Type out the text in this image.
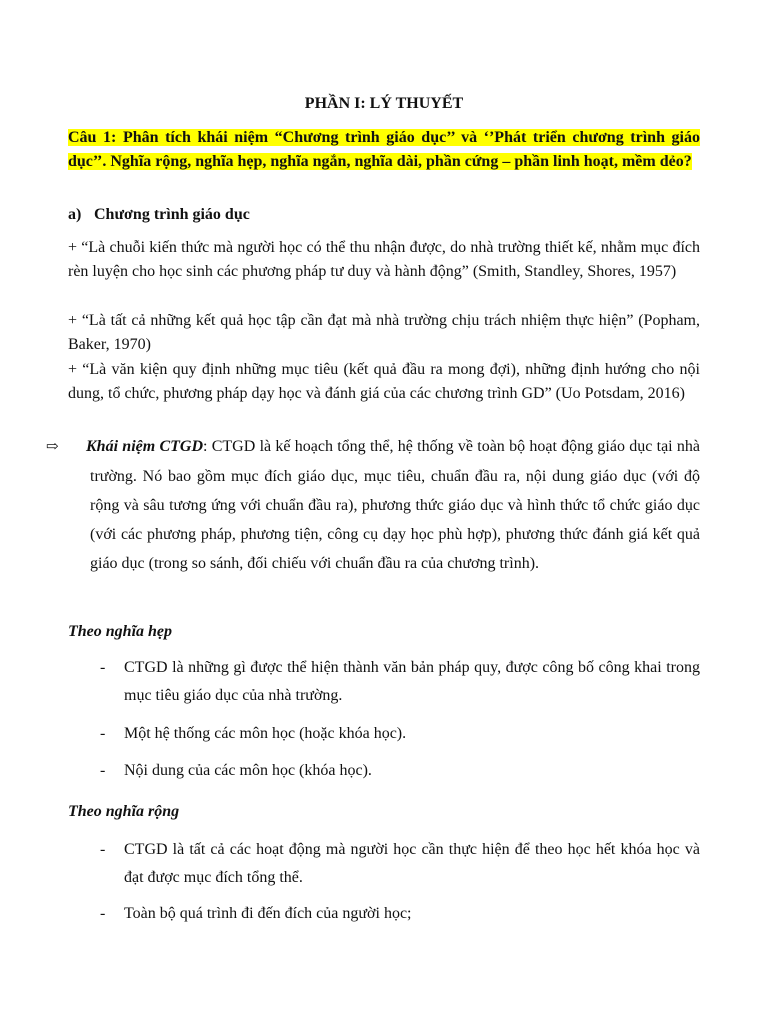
PHẦN I: LÝ THUYẾT
Câu 1: Phân tích khái niệm “Chương trình giáo dục’’ và ‘’Phát triển chương trình giáo dục’’. Nghĩa rộng, nghĩa hẹp, nghĩa ngắn, nghĩa dài, phần cứng – phần linh hoạt, mềm dẻo?
a) Chương trình giáo dục

+ “Là chuỗi kiến thức mà người học có thể thu nhận được, do nhà trường thiết kế, nhằm mục đích rèn luyện cho học sinh các phương pháp tư duy và hành động” (Smith, Standley, Shores, 1957)

+ “Là tất cả những kết quả học tập cần đạt mà nhà trường chịu trách nhiệm thực hiện” (Popham, Baker, 1970)

+ “Là văn kiện quy định những mục tiêu (kết quả đầu ra mong đợi), những định hướng cho nội dung, tổ chức, phương pháp dạy học và đánh giá của các chương trình GD” (Uo Potsdam, 2016)

⇨ Khái niệm CTGD: CTGD là kế hoạch tổng thể, hệ thống về toàn bộ hoạt động giáo dục tại nhà trường. Nó bao gồm mục đích giáo dục, mục tiêu, chuẩn đầu ra, nội dung giáo dục (với độ rộng và sâu tương ứng với chuẩn đầu ra), phương thức giáo dục và hình thức tổ chức giáo dục (với các phương pháp, phương tiện, công cụ dạy học phù hợp), phương thức đánh giá kết quả giáo dục (trong so sánh, đối chiếu với chuẩn đầu ra của chương trình).
Theo nghĩa hẹp
- CTGD là những gì được thể hiện thành văn bản pháp quy, được công bố công khai trong mục tiêu giáo dục của nhà trường.
- Một hệ thống các môn học (hoặc khóa học).
- Nội dung của các môn học (khóa học).
Theo nghĩa rộng
- CTGD là tất cả các hoạt động mà người học cần thực hiện để theo học hết khóa học và đạt được mục đích tổng thể.
- Toàn bộ quá trình đi đến đích của người học;
